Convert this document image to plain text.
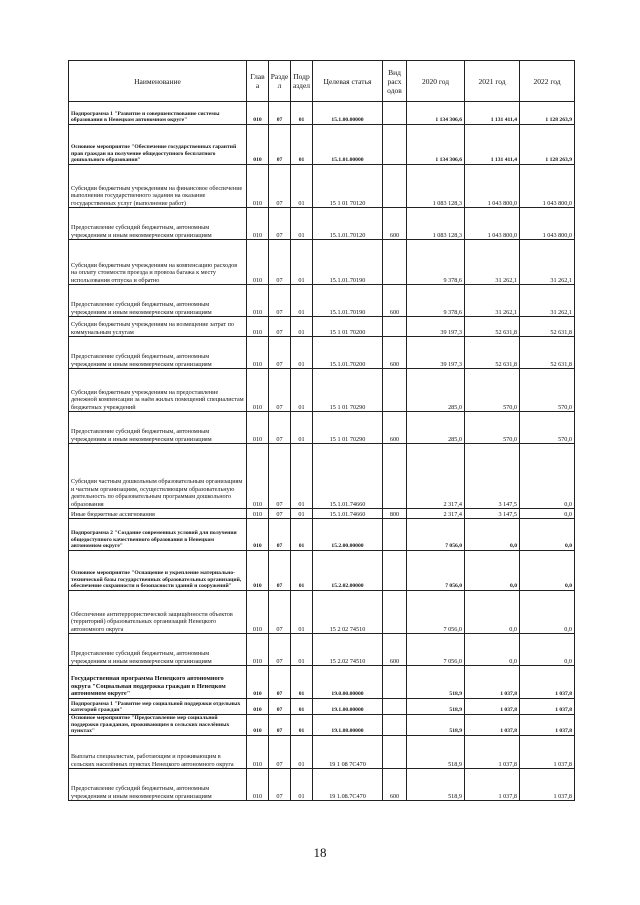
Наименование	Глав а	Разде л	Подр аздел	Целевая статья	Вид расх одов	2020 год	2021 год	2022 год
Подпрограмма 1 "Развитие и совершенствование системы образования в Ненецком автономном округе"	010	07	01	15.1.00.00000		1 134 306,6	1 131 411,4	1 128 263,9
Основное мероприятие "Обеспечение государственных гарантий прав граждан на получение общедоступного бесплатного дошкольного образования"	010	07	01	15.1.01.00000		1 134 306,6	1 131 411,4	1 128 263,9
Субсидии бюджетным учреждениям на финансовое обеспечение выполнения государственного задания на оказание государственных услуг (выполнение работ)	010	07	01	15 1 01 70120		1 083 128,3	1 043 800,0	1 043 800,0
Предоставление субсидий бюджетным, автономным учреждениям и иным некоммерческим организациям	010	07	01	15.1.01.70120	600	1 083 128,3	1 043 800,0	1 043 800,0
Субсидии бюджетным учреждениям на компенсацию расходов на оплату стоимости проезда и провоза багажа к месту использования отпуска и обратно	010	07	01	15.1.01.70190		9 378,6	31 262,1	31 262,1
Предоставление субсидий бюджетным, автономным учреждениям и иным некоммерческим организациям	010	07	01	15.1.01.70190	600	9 378,6	31 262,1	31 262,1
Субсидии бюджетным учреждениям на возмещение затрат по коммунальным услугам	010	07	01	15 1 01 70200		39 197,3	52 631,8	52 631,8
Предоставление субсидий бюджетным, автономным учреждениям и иным некоммерческим организациям	010	07	01	15.1.01.70200	600	39 197,3	52 631,8	52 631,8
Субсидии бюджетным учреждениям на предоставление денежной компенсации за наём жилых помещений специалистам бюджетных учреждений	010	07	01	15 1 01 70290		285,0	570,0	570,0
Предоставление субсидий бюджетным, автономным учреждениям и иным некоммерческим организациям	010	07	01	15 1 01 70290	600	285,0	570,0	570,0
Субсидии частным дошкольным образовательным организациям и частным организациям, осуществляющим образовательную деятельность по образовательным программам дошкольного образования	010	07	01	15.1.01.74660		2 317,4	3 147,5	0,0
Иные бюджетные ассигнования	010	07	01	15.1.01.74660	800	2 317,4	3 147,5	0,0
Подпрограмма 2 "Создание современных условий для получения общедоступного качественного образования в Ненецком автономном округе"	010	07	01	15.2.00.00000		7 056,0	0,0	0,0
Основное мероприятие "Оснащение и укрепление материально-технической базы государственных образовательных организаций, обеспечение сохранности и безопасности зданий и сооружений"	010	07	01	15.2.02.00000		7 056,0	0,0	0,0
Обеспечение антитеррористической защищённости объектов (территорий) образовательных организаций Ненецкого автономного округа	010	07	01	15 2 02 74510		7 056,0	0,0	0,0
Предоставление субсидий бюджетным, автономным учреждениям и иным некоммерческим организациям	010	07	01	15 2.02 74510	600	7 056,0	0,0	0,0
Государственная программа Ненецкого автономного округа "Социальная поддержка граждан в Ненецком автономном округе"	010	07	01	19.0.00.00000		518,9	1 037,8	1 037,8
Подпрограмма 1 "Развитие мер социальной поддержки отдельных категорий граждан"	010	07	01	19.1.00.00000		518,9	1 037,8	1 037,8
Основное мероприятие "Предоставление мер социальной поддержки гражданам, проживающим в сельских населённых пунктах"	010	07	01	19.1.08.00000		518,9	1 037,8	1 037,8
Выплаты специалистам, работающим и проживающим в сельских населённых пунктах Ненецкого автономного округа	010	07	01	19 1 08 7C470		518,9	1 037,8	1 037,8
Предоставление субсидий бюджетным, автономным учреждениям и иным некоммерческим организациям	010	07	01	19 1.08.7C470	600	518,9	1 037,8	1 037,8
18
